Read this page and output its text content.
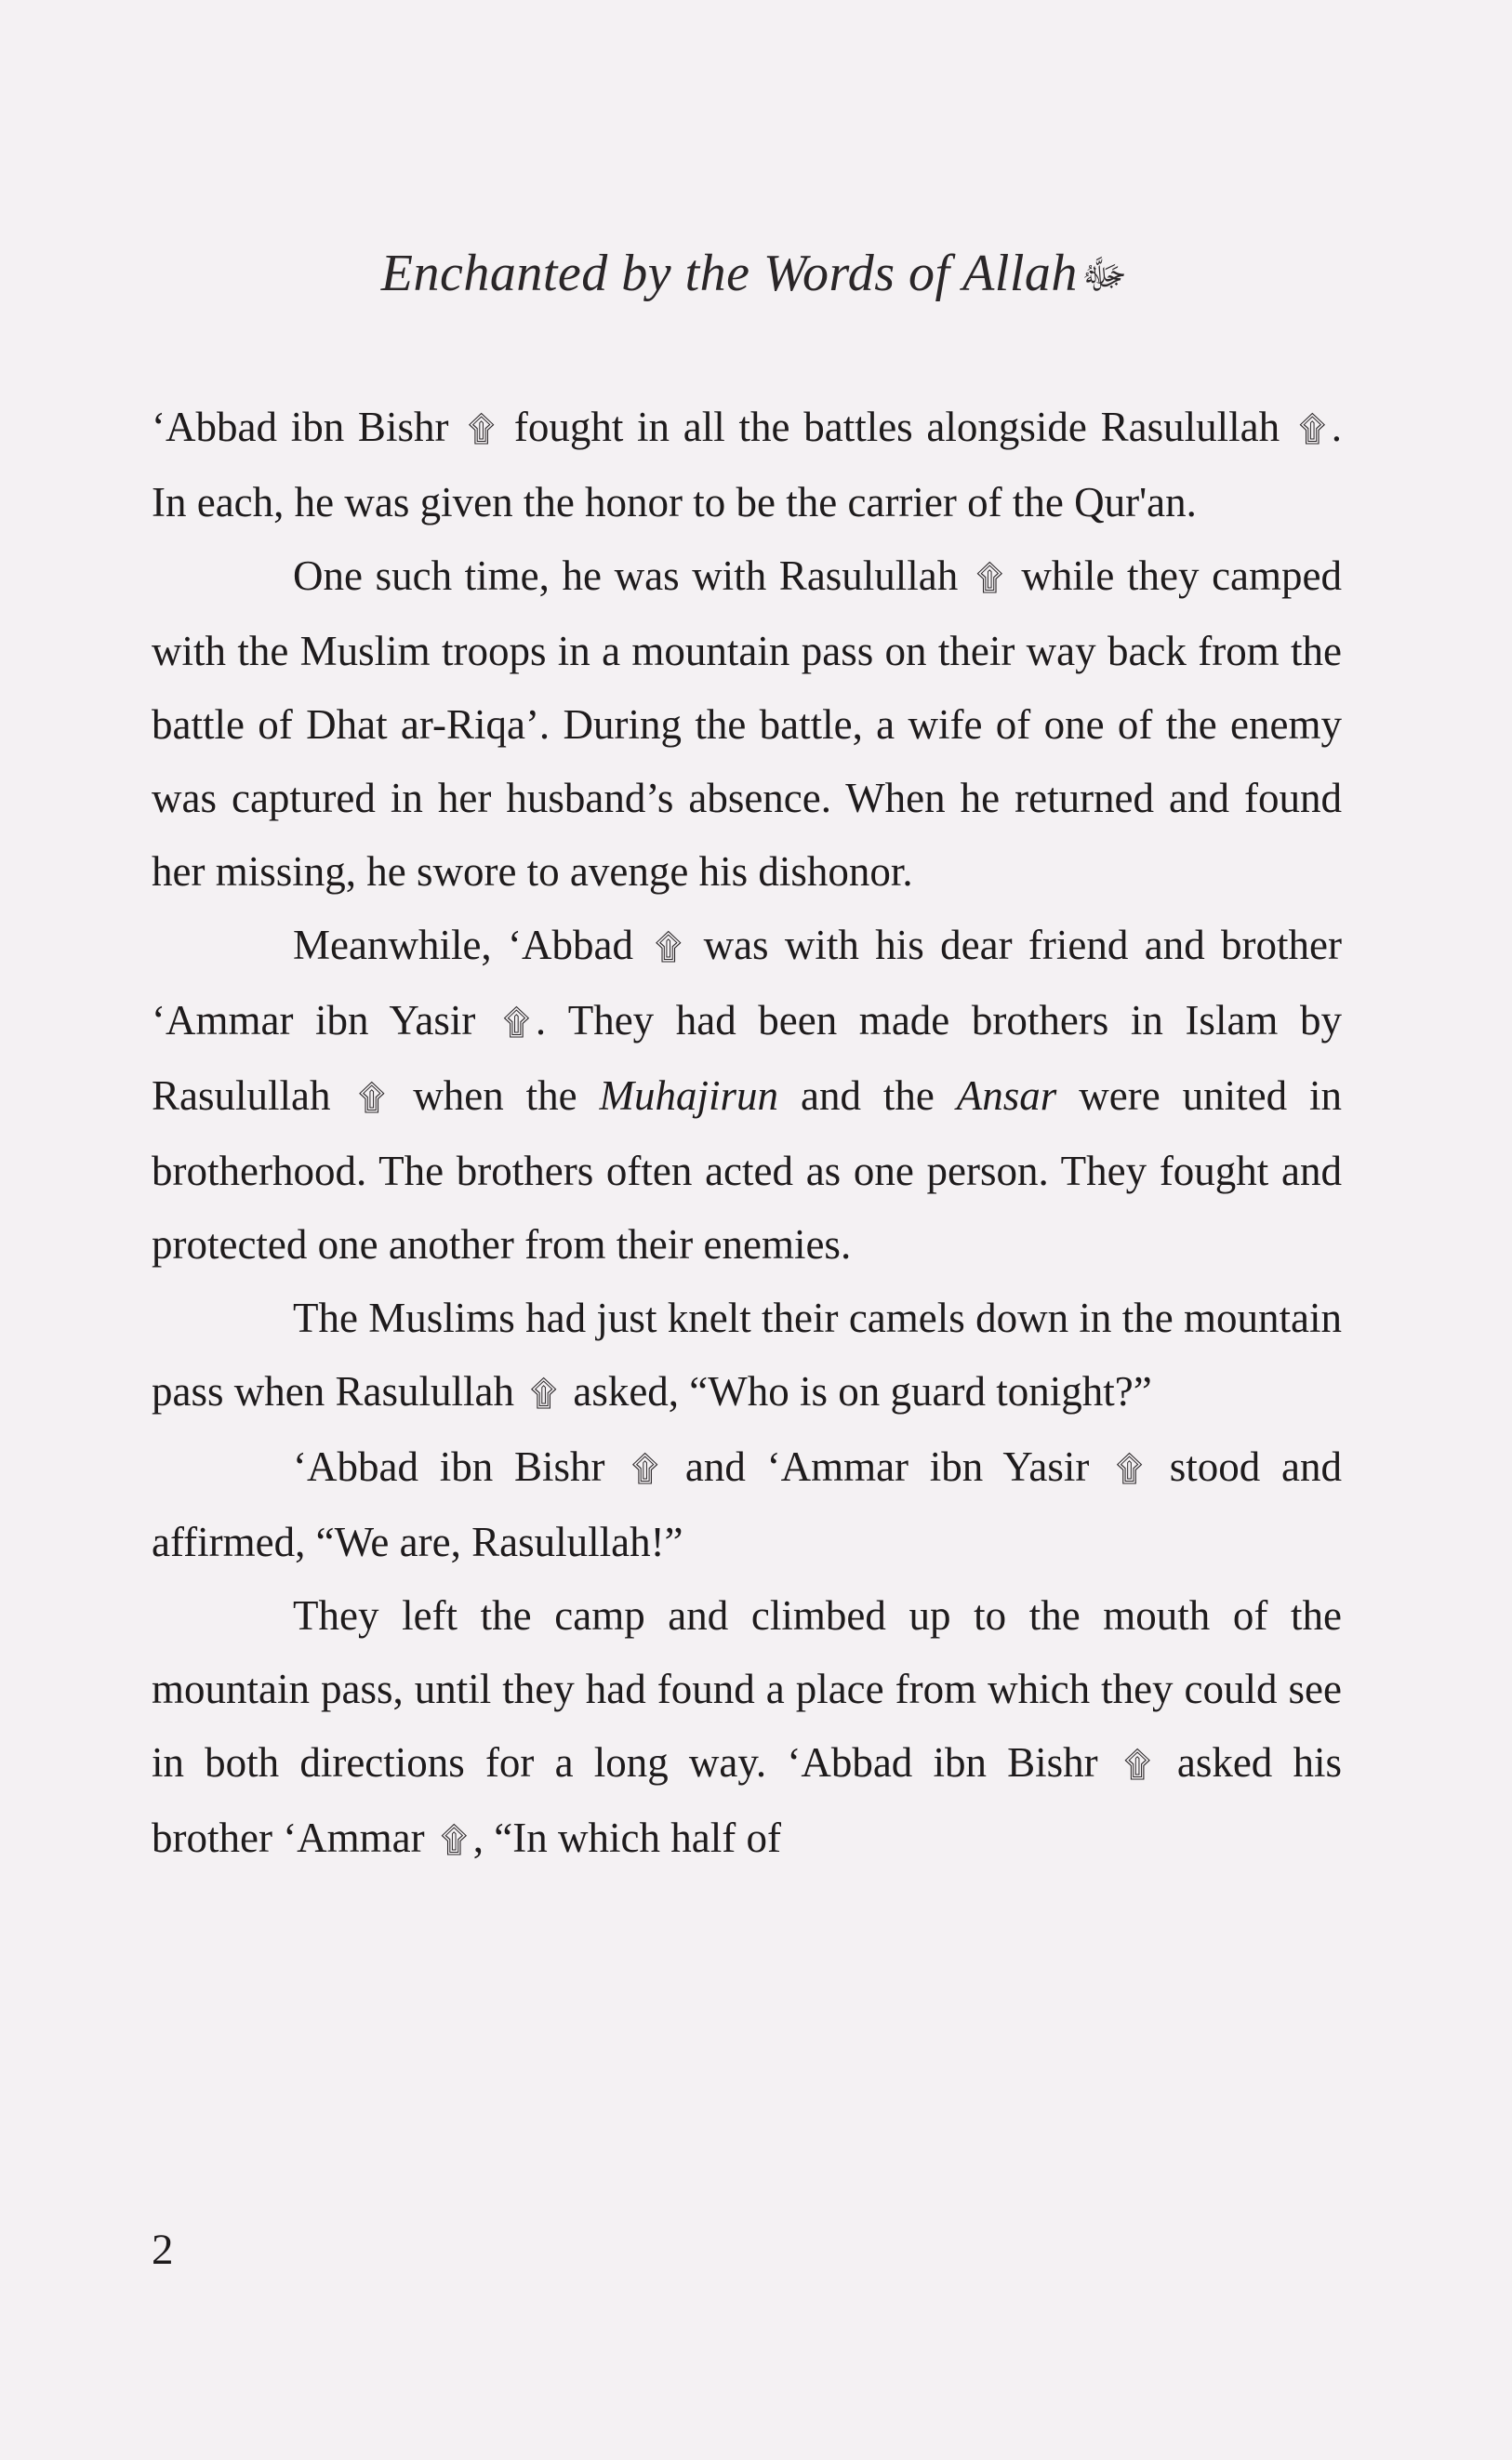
Enchanted by the Words of Allahﷻ

‘Abbad ibn Bishr ۩ fought in all the battles alongside Rasulullah ۩ . In each, he was given the honor to be the carrier of the Qur'an.

One such time, he was with Rasulullah ۩ while they camped with the Muslim troops in a mountain pass on their way back from the battle of Dhat ar-Riqa’. During the battle, a wife of one of the enemy was captured in her husband’s absence. When he returned and found her missing, he swore to avenge his dishonor.

Meanwhile, ‘Abbad ۩ was with his dear friend and brother ‘Ammar ibn Yasir ۩ . They had been made brothers in Islam by Rasulullah ۩ when the Muhajirun and the Ansar were united in brotherhood. The brothers often acted as one person. They fought and protected one another from their enemies.

The Muslims had just knelt their camels down in the mountain pass when Rasulullah ۩ asked, “Who is on guard tonight?”

‘Abbad ibn Bishr ۩ and ‘Ammar ibn Yasir ۩ stood and affirmed, “We are, Rasulullah!”

They left the camp and climbed up to the mouth of the mountain pass, until they had found a place from which they could see in both directions for a long way. ‘Abbad ibn Bishr ۩ asked his brother ‘Ammar ۩ , “In which half of

2
